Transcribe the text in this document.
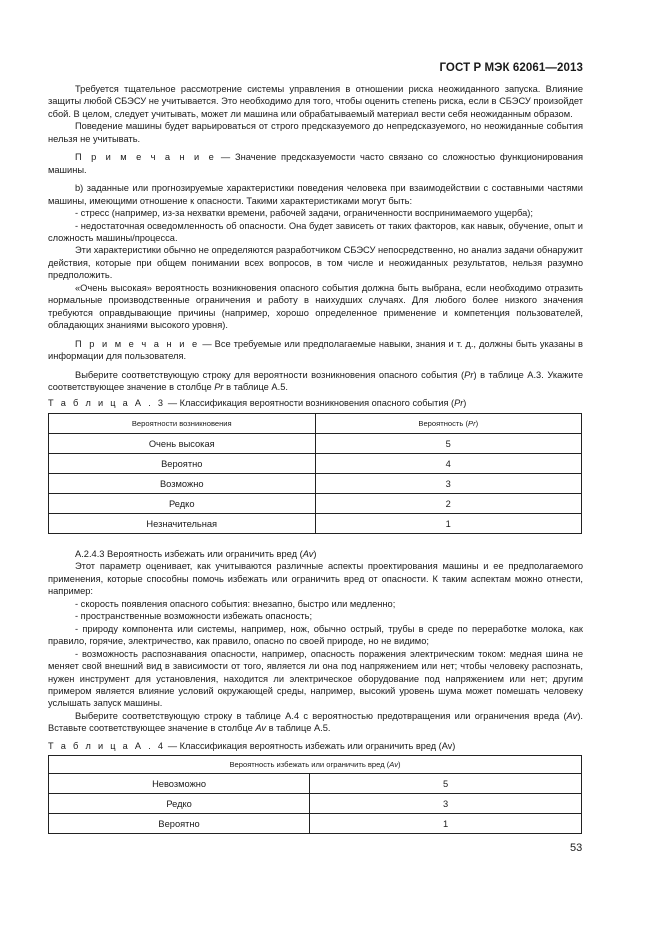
ГОСТ Р МЭК 62061—2013

Требуется тщательное рассмотрение системы управления в отношении риска неожиданного запуска. Влияние защиты любой СБЭСУ не учитывается. Это необходимо для того, чтобы оценить степень риска, если в СБЭСУ произойдет сбой. В целом, следует учитывать, может ли машина или обрабатываемый материал вести себя неожиданным образом.

Поведение машины будет варьироваться от строго предсказуемого до непредсказуемого, но неожиданные события нельзя не учитывать.

П р и м е ч а н и е — Значение предсказуемости часто связано со сложностью функционирования машины.

b) заданные или прогнозируемые характеристики поведения человека при взаимодействии с составными частями машины, имеющими отношение к опасности. Такими характеристиками могут быть:

- стресс (например, из-за нехватки времени, рабочей задачи, ограниченности воспринимаемого ущерба);

- недостаточная осведомленность об опасности. Она будет зависеть от таких факторов, как навык, обучение, опыт и сложность машины/процесса.

Эти характеристики обычно не определяются разработчиком СБЭСУ непосредственно, но анализ задачи обнаружит действия, которые при общем понимании всех вопросов, в том числе и неожиданных результатов, нельзя разумно предположить.

«Очень высокая» вероятность возникновения опасного события должна быть выбрана, если необходимо отразить нормальные производственные ограничения и работу в наихудших случаях. Для любого более низкого значения требуются оправдывающие причины (например, хорошо определенное применение и компетенция пользователей, обладающих знаниями высокого уровня).

П р и м е ч а н и е — Все требуемые или предполагаемые навыки, знания и т. д., должны быть указаны в информации для пользователя.

Выберите соответствующую строку для вероятности возникновения опасного события (Pr) в таблице А.3. Укажите соответствующее значение в столбце Pr в таблице А.5.

Т а б л и ц а А . 3 — Классификация вероятности возникновения опасного события (Pr)
Вероятности возникновения	Вероятность (Pr)
Очень высокая	5
Вероятно	4
Возможно	3
Редко	2
Незначительная	1

А.2.4.3 Вероятность избежать или ограничить вред (Av)

Этот параметр оценивает, как учитываются различные аспекты проектирования машины и ее предполагаемого применения, которые способны помочь избежать или ограничить вред от опасности. К таким аспектам можно отнести, например:

- скорость появления опасного события: внезапно, быстро или медленно;

- пространственные возможности избежать опасность;

- природу компонента или системы, например, нож, обычно острый, трубы в среде по переработке молока, как правило, горячие, электричество, как правило, опасно по своей природе, но не видимо;

- возможность распознавания опасности, например, опасность поражения электрическим током: медная шина не меняет свой внешний вид в зависимости от того, является ли она под напряжением или нет; чтобы человеку распознать, нужен инструмент для установления, находится ли электрическое оборудование под напряжением или нет; другим примером является влияние условий окружающей среды, например, высокий уровень шума может помешать человеку услышать запуск машины.

Выберите соответствующую строку в таблице А.4 с вероятностью предотвращения или ограничения вреда (Av). Вставьте соответствующее значение в столбце Av в таблице А.5.

Т а б л и ц а А . 4 — Классификация вероятность избежать или ограничить вред (Av)
Вероятность избежать или ограничить вред (Av)	
Невозможно	5
Редко	3
Вероятно	1
53
